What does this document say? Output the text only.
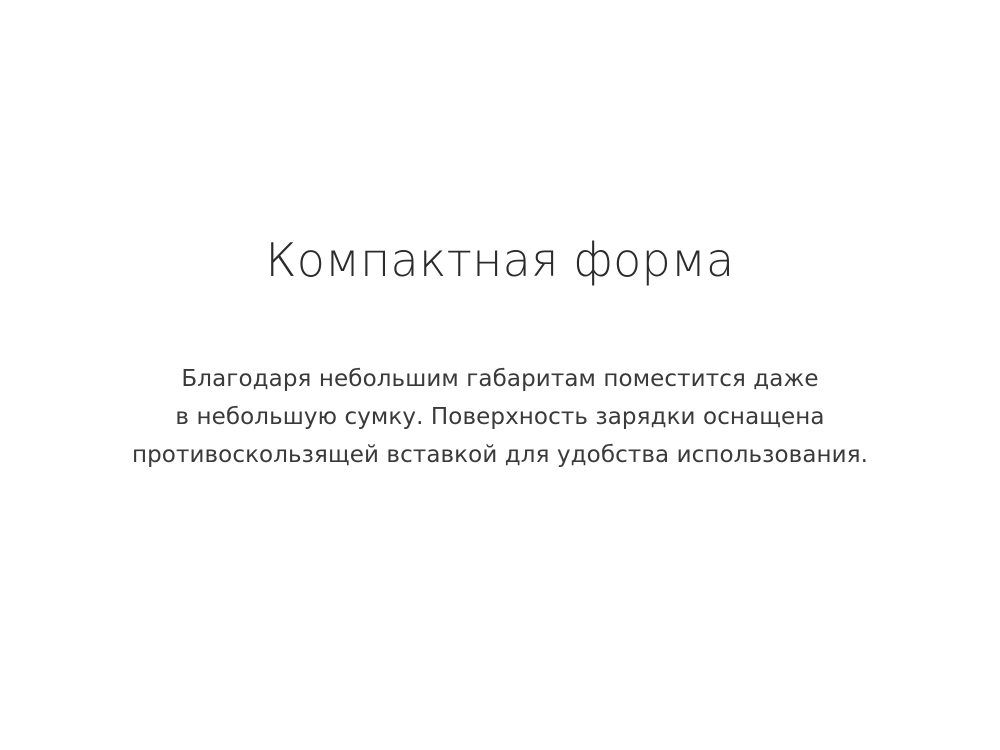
Компактная форма

Благодаря небольшим габаритам поместится даже
в небольшую сумку. Поверхность зарядки оснащена
противоскользящей вставкой для удобства использования.
